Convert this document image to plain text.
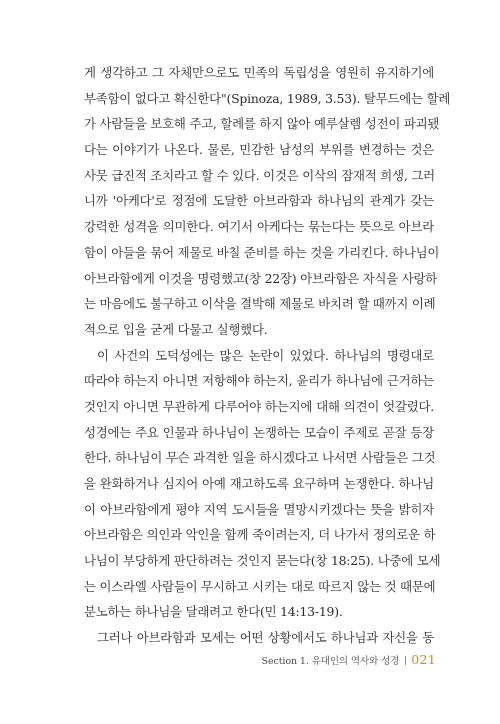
게 생각하고 그 자체만으로도 민족의 독립성을 영원히 유지하기에
부족함이 없다고 확신한다"(Spinoza, 1989, 3.53). 탈무드에는 할례
가 사람들을 보호해 주고, 할례를 하지 않아 예루살렘 성전이 파괴됐
다는 이야기가 나온다. 물론, 민감한 남성의 부위를 변경하는 것은
사뭇 급진적 조치라고 할 수 있다. 이것은 이삭의 잠재적 희생, 그러
니까 '아케다'로 정점에 도달한 아브라함과 하나님의 관계가 갖는
강력한 성격을 의미한다. 여기서 아케다는 묶는다는 뜻으로 아브라
함이 아들을 묶어 제물로 바칠 준비를 하는 것을 가리킨다. 하나님이
아브라함에게 이것을 명령했고(창 22장) 아브라함은 자식을 사랑하
는 마음에도 불구하고 이삭을 결박해 제물로 바치려 할 때까지 이례
적으로 입을 굳게 다물고 실행했다.
이 사건의 도덕성에는 많은 논란이 있었다. 하나님의 명령대로
따라야 하는지 아니면 저항해야 하는지, 윤리가 하나님에 근거하는
것인지 아니면 무관하게 다루어야 하는지에 대해 의견이 엇갈렸다.
성경에는 주요 인물과 하나님이 논쟁하는 모습이 주제로 곧잘 등장
한다. 하나님이 무슨 과격한 일을 하시겠다고 나서면 사람들은 그것
을 완화하거나 심지어 아예 재고하도록 요구하며 논쟁한다. 하나님
이 아브라함에게 평야 지역 도시들을 멸망시키겠다는 뜻을 밝히자
아브라함은 의인과 악인을 함께 죽이려는지, 더 나가서 정의로운 하
나님이 부당하게 판단하려는 것인지 묻는다(창 18:25). 나중에 모세
는 이스라엘 사람들이 무시하고 시키는 대로 따르지 않는 것 때문에
분노하는 하나님을 달래려고 한다(민 14:13-19).
그러나 아브라함과 모세는 어떤 상황에서도 하나님과 자신을 동
Section 1. 유대인의 역사와 성경 021
